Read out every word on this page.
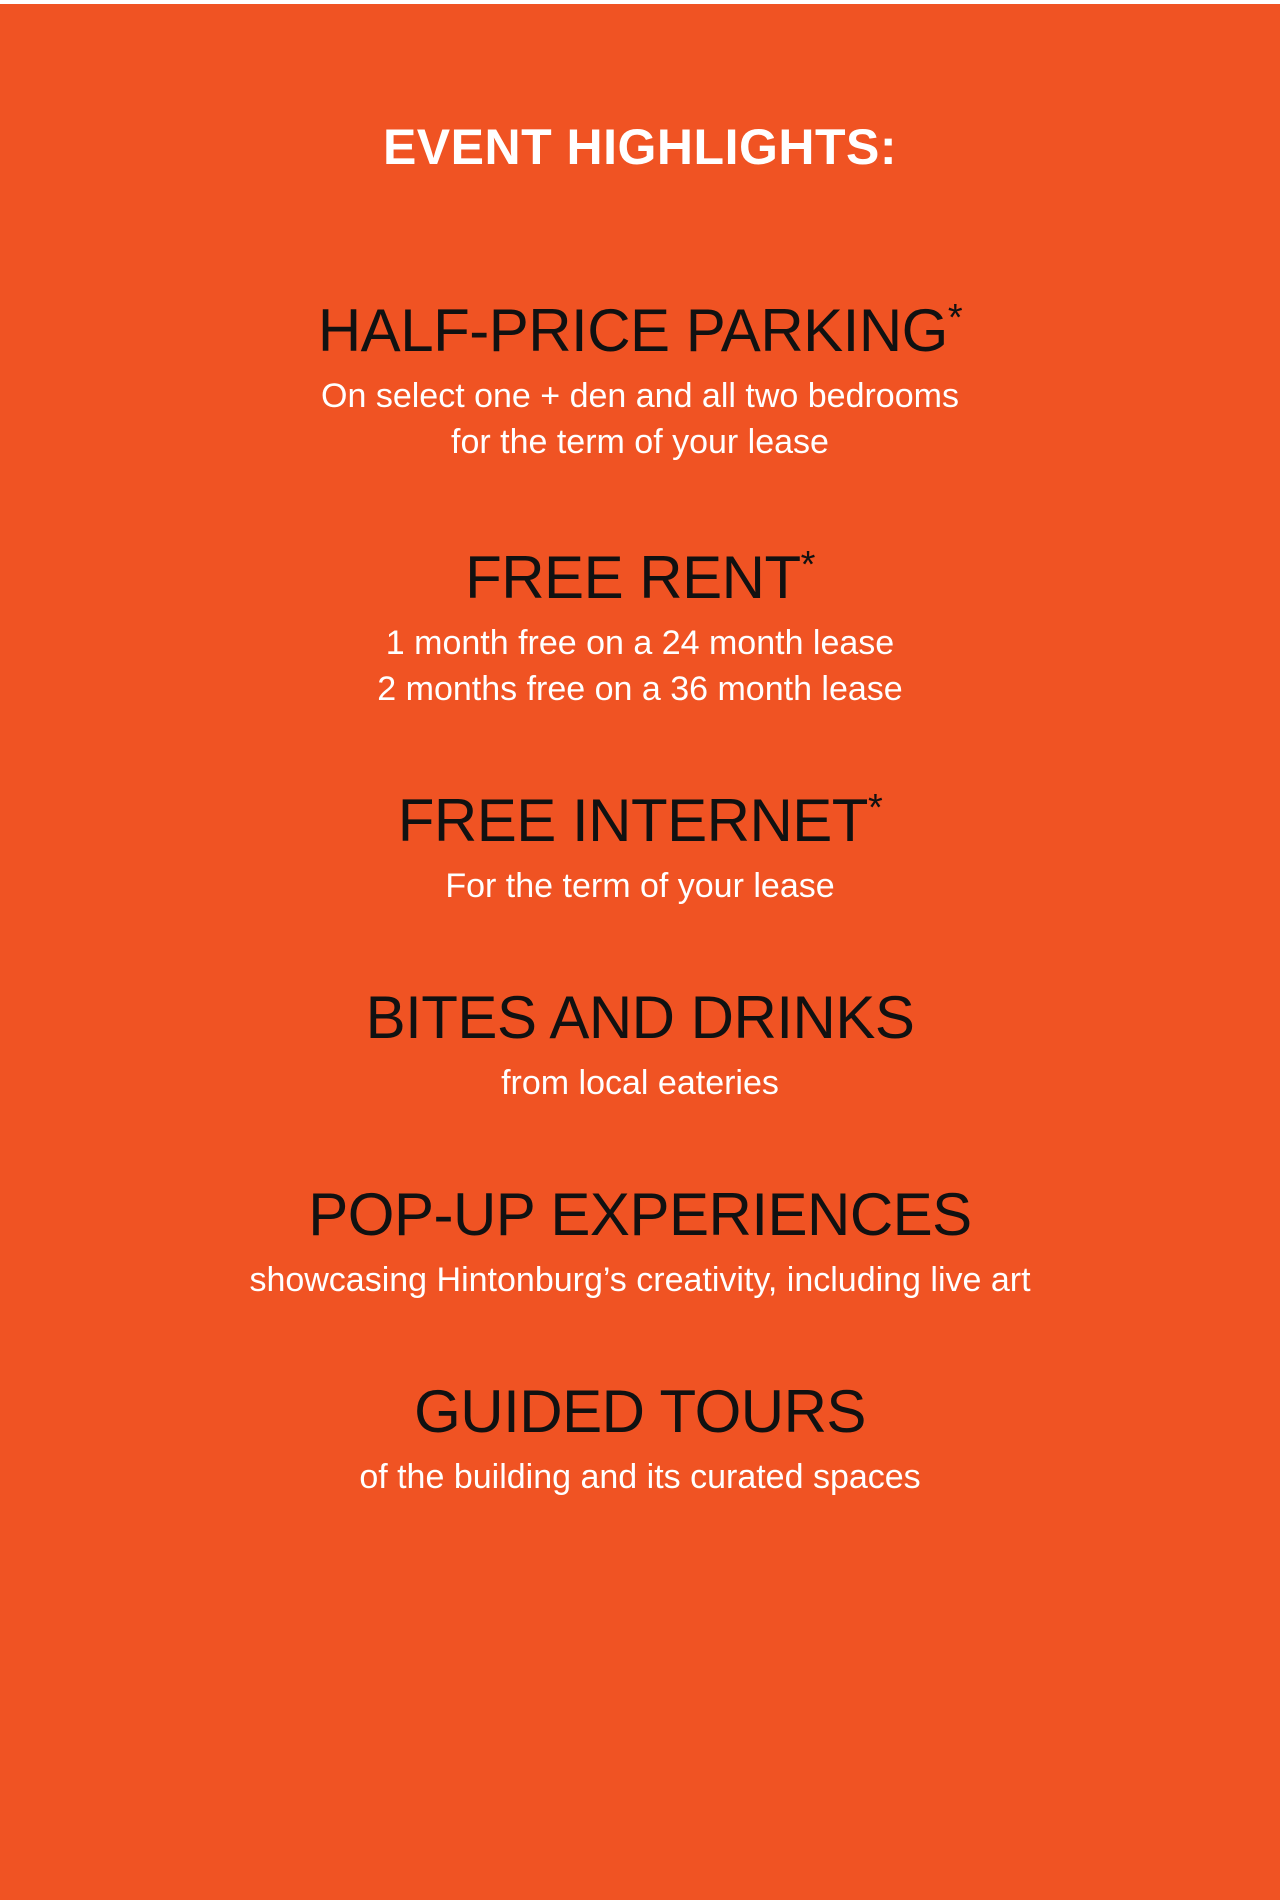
EVENT HIGHLIGHTS:
HALF-PRICE PARKING*
On select one + den and all two bedrooms
for the term of your lease
FREE RENT*
1 month free on a 24 month lease
2 months free on a 36 month lease
FREE INTERNET*
For the term of your lease
BITES AND DRINKS
from local eateries
POP-UP EXPERIENCES
showcasing Hintonburg’s creativity, including live art
GUIDED TOURS
of the building and its curated spaces
